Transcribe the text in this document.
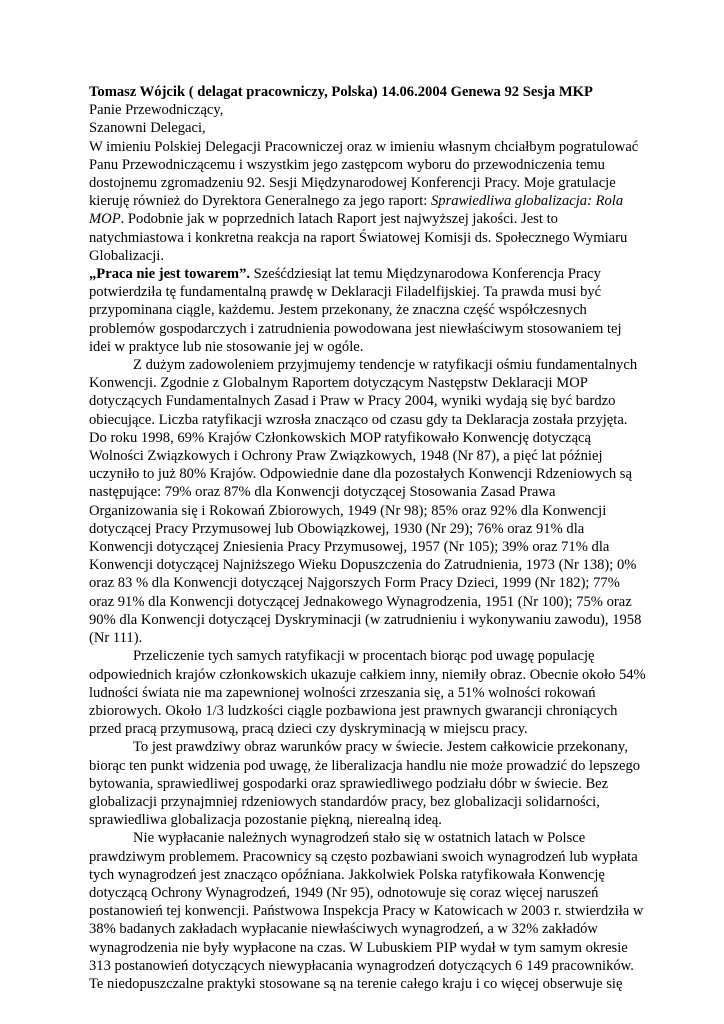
Tomasz Wójcik ( delagat pracowniczy, Polska) 14.06.2004 Genewa 92 Sesja MKP

Panie Przewodniczący,

Szanowni Delegaci,

W imieniu Polskiej Delegacji Pracowniczej oraz w imieniu własnym chciałbym pogratulować Panu Przewodniczącemu i wszystkim jego zastępcom wyboru do przewodniczenia temu dostojnemu zgromadzeniu 92. Sesji Międzynarodowej Konferencji Pracy. Moje gratulacje kieruję również do Dyrektora Generalnego za jego raport: Sprawiedliwa globalizacja: Rola MOP. Podobnie jak w poprzednich latach Raport jest najwyższej jakości. Jest to natychmiastowa i konkretna reakcja na raport Światowej Komisji ds. Społecznego Wymiaru Globalizacji.

„Praca nie jest towarem”. Sześćdziesiąt lat temu Międzynarodowa Konferencja Pracy potwierdziła tę fundamentalną prawdę w Deklaracji Filadelfijskiej. Ta prawda musi być przypominana ciągle, każdemu. Jestem przekonany, że znaczna część współczesnych problemów gospodarczych i zatrudnienia powodowana jest niewłaściwym stosowaniem tej idei w praktyce lub nie stosowanie jej w ogóle.

Z dużym zadowoleniem przyjmujemy tendencje w ratyfikacji ośmiu fundamentalnych Konwencji. Zgodnie z Globalnym Raportem dotyczącym Następstw Deklaracji MOP dotyczących Fundamentalnych Zasad i Praw w Pracy 2004, wyniki wydają się być bardzo obiecujące. Liczba ratyfikacji wzrosła znacząco od czasu gdy ta Deklaracja została przyjęta. Do roku 1998, 69% Krajów Członkowskich MOP ratyfikowało Konwencję dotyczącą Wolności Związkowych i Ochrony Praw Związkowych, 1948 (Nr 87), a pięć lat później uczyniło to już 80% Krajów. Odpowiednie dane dla pozostałych Konwencji Rdzeniowych są następujące: 79% oraz 87% dla Konwencji dotyczącej Stosowania Zasad Prawa Organizowania się i Rokowań Zbiorowych, 1949 (Nr 98); 85% oraz 92% dla Konwencji dotyczącej Pracy Przymusowej lub Obowiązkowej, 1930 (Nr 29); 76% oraz 91% dla Konwencji dotyczącej Zniesienia Pracy Przymusowej, 1957 (Nr 105); 39% oraz 71% dla Konwencji dotyczącej Najniższego Wieku Dopuszczenia do Zatrudnienia, 1973 (Nr 138); 0% oraz 83 % dla Konwencji dotyczącej Najgorszych Form Pracy Dzieci, 1999 (Nr 182); 77% oraz 91% dla Konwencji dotyczącej Jednakowego Wynagrodzenia, 1951 (Nr 100); 75% oraz 90% dla Konwencji dotyczącej Dyskryminacji (w zatrudnieniu i wykonywaniu zawodu), 1958 (Nr 111).

Przeliczenie tych samych ratyfikacji w procentach biorąc pod uwagę populację odpowiednich krajów członkowskich ukazuje całkiem inny, niemiły obraz. Obecnie około 54% ludności świata nie ma zapewnionej wolności zrzeszania się, a 51% wolności rokowań zbiorowych. Około 1/3 ludzkości ciągle pozbawiona jest prawnych gwarancji chroniących przed pracą przymusową, pracą dzieci czy dyskryminacją w miejscu pracy.

To jest prawdziwy obraz warunków pracy w świecie. Jestem całkowicie przekonany, biorąc ten punkt widzenia pod uwagę, że liberalizacja handlu nie może prowadzić do lepszego bytowania, sprawiedliwej gospodarki oraz sprawiedliwego podziału dóbr w świecie. Bez globalizacji przynajmniej rdzeniowych standardów pracy, bez globalizacji solidarności, sprawiedliwa globalizacja pozostanie piękną, nierealną ideą.

Nie wypłacanie należnych wynagrodzeń stało się w ostatnich latach w Polsce prawdziwym problemem. Pracownicy są często pozbawiani swoich wynagrodzeń lub wypłata tych wynagrodzeń jest znacząco opóźniana. Jakkolwiek Polska ratyfikowała Konwencję dotyczącą Ochrony Wynagrodzeń, 1949 (Nr 95), odnotowuje się coraz więcej naruszeń postanowień tej konwencji. Państwowa Inspekcja Pracy w Katowicach w 2003 r. stwierdziła w 38% badanych zakładach wypłacanie niewłaściwych wynagrodzeń, a w 32% zakładów wynagrodzenia nie były wypłacone na czas. W Lubuskiem PIP wydał w tym samym okresie 313 postanowień dotyczących niewypłacania wynagrodzeń dotyczących 6 149 pracowników. Te niedopuszczalne praktyki stosowane są na terenie całego kraju i co więcej obserwuje się
